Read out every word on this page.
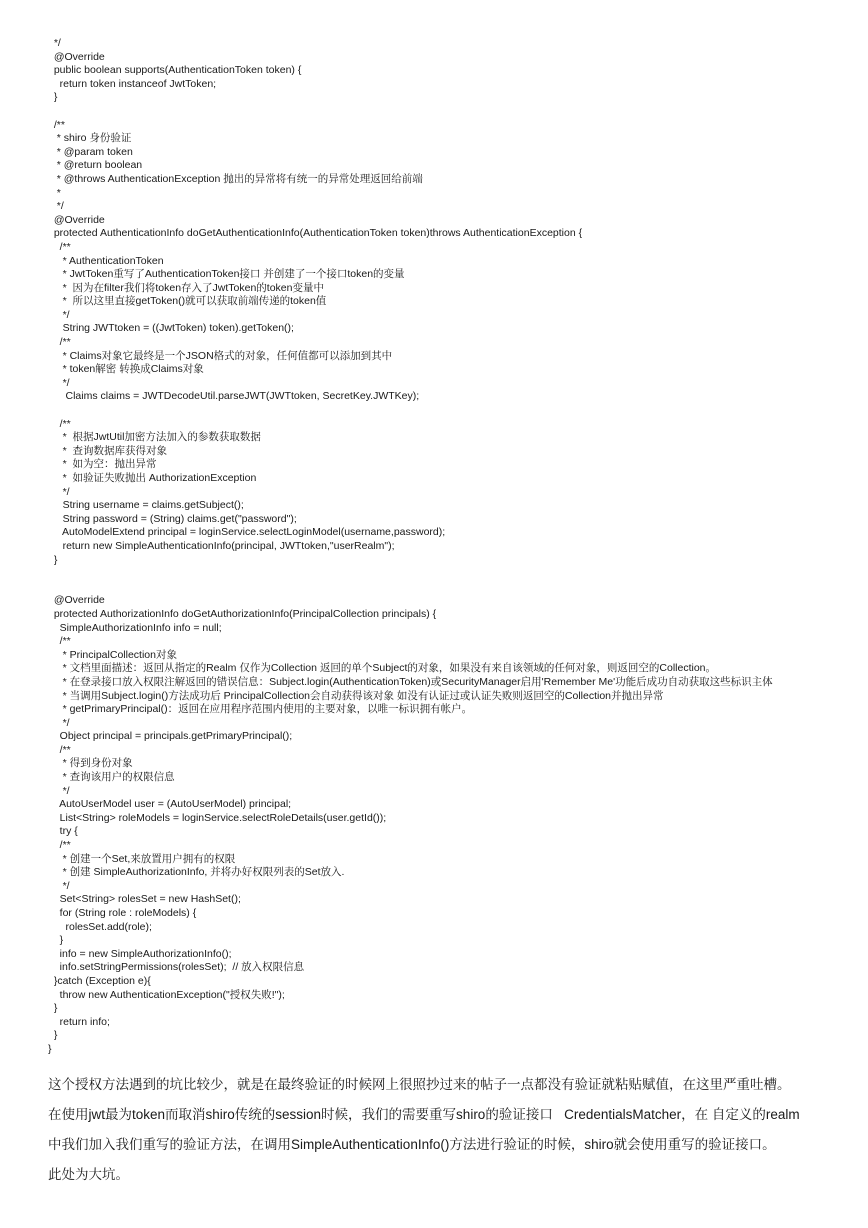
*/
@Override
public boolean supports(AuthenticationToken token) {
return token instanceof JwtToken;
}
/**
* shiro 身份验证
* @param token
* @return boolean
* @throws AuthenticationException 抛出的异常将有统一的异常处理返回给前端
*
*/
@Override
protected AuthenticationInfo doGetAuthenticationInfo(AuthenticationToken token)throws AuthenticationException {
/**
* AuthenticationToken
* JwtToken重写了AuthenticationToken接口 并创建了一个接口token的变量
*  因为在filter我们将token存入了JwtToken的token变量中
*  所以这里直接getToken()就可以获取前端传递的token值
*/
String JWTtoken = ((JwtToken) token).getToken();
/**
* Claims对象它最终是一个JSON格式的对象，任何值都可以添加到其中
* token解密 转换成Claims对象
*/
Claims claims = JWTDecodeUtil.parseJWT(JWTtoken, SecretKey.JWTKey);
/**
*  根据JwtUtil加密方法加入的参数获取数据
*  查询数据库获得对象
*  如为空：抛出异常
*  如验证失败抛出 AuthorizationException
*/
String username = claims.getSubject();
String password = (String) claims.get("password");
AutoModelExtend principal = loginService.selectLoginModel(username,password);
return new SimpleAuthenticationInfo(principal, JWTtoken,"userRealm");
}
@Override
protected AuthorizationInfo doGetAuthorizationInfo(PrincipalCollection principals) {
SimpleAuthorizationInfo info = null;
/**
* PrincipalCollection对象
* 文档里面描述：返回从指定的Realm 仅作为Collection 返回的单个Subject的对象，如果没有来自该领域的任何对象，则返回空的Collection。
* 在登录接口放入权限注解返回的错误信息：Subject.login(AuthenticationToken)或SecurityManager启用'Remember Me'功能后成功自动获取这些标识主体
* 当调用Subject.login()方法成功后 PrincipalCollection会自动获得该对象 如没有认证过或认证失败则返回空的Collection并抛出异常
* getPrimaryPrincipal()：返回在应用程序范围内使用的主要对象，以唯一标识拥有帐户。
*/
Object principal = principals.getPrimaryPrincipal();
/**
* 得到身份对象
* 查询该用户的权限信息
*/
AutoUserModel user = (AutoUserModel) principal;
List<String> roleModels = loginService.selectRoleDetails(user.getId());
try {
/**
* 创建一个Set,来放置用户拥有的权限
* 创建 SimpleAuthorizationInfo, 并将办好权限列表的Set放入.
*/
Set<String> rolesSet = new HashSet();
for (String role : roleModels) {
rolesSet.add(role);
}
info = new SimpleAuthorizationInfo();
info.setStringPermissions(rolesSet);  // 放入权限信息
}catch (Exception e){
throw new AuthenticationException("授权失败!");
}
return info;
}
}
这个授权方法遇到的坑比较少，就是在最终验证的时候网上很照抄过来的帖子一点都没有验证就粘贴赋值，在这里严重吐槽。
在使用jwt最为token而取消shiro传统的session时候，我们的需要重写shiro的验证接口   CredentialsMatcher，在 自定义的realm
中我们加入我们重写的验证方法，在调用SimpleAuthenticationInfo()方法进行验证的时候，shiro就会使用重写的验证接口。
此处为大坑。
